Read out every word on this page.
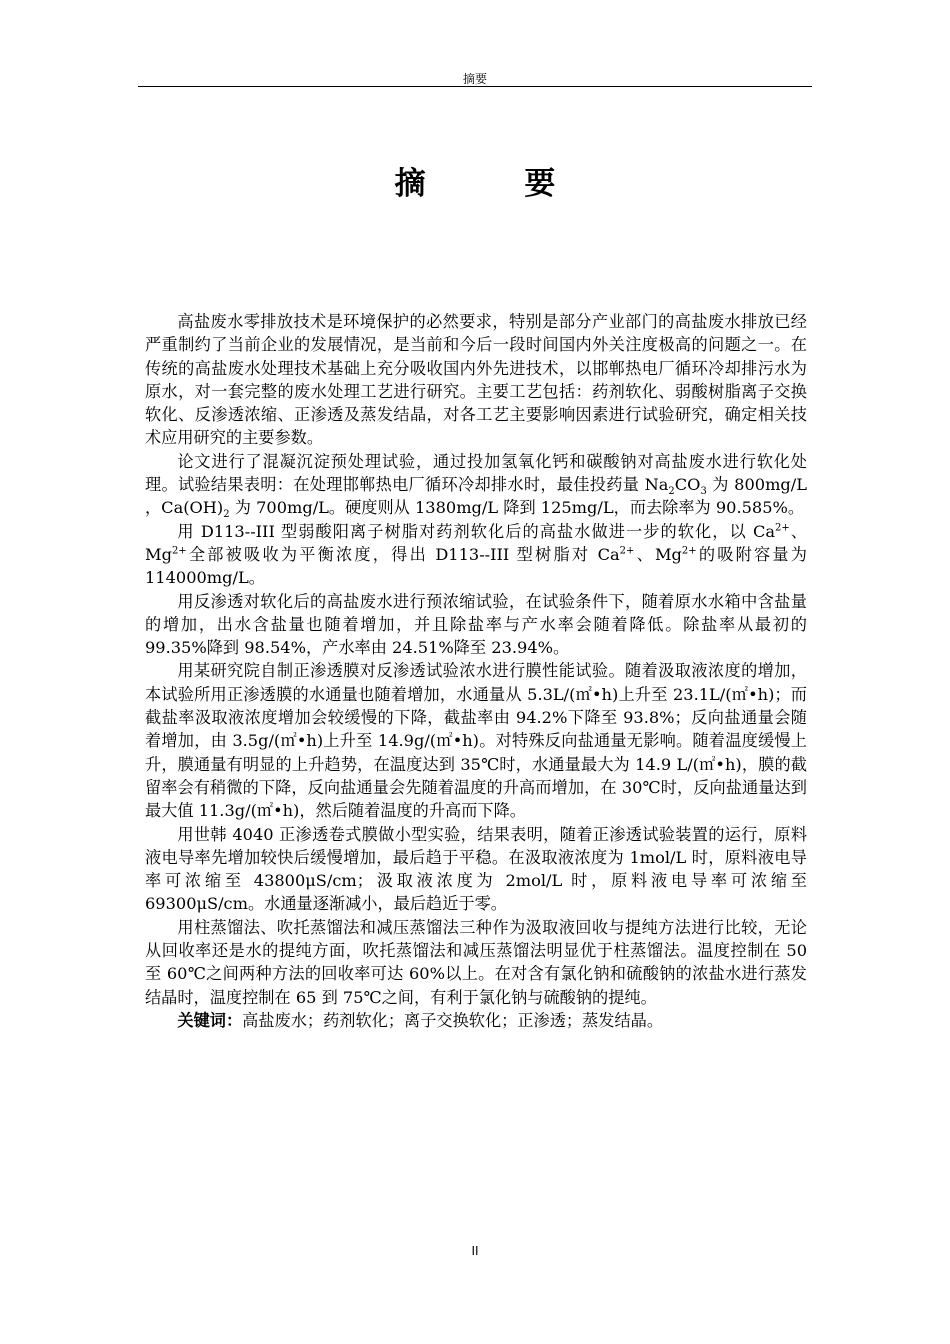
摘要
摘 要

高盐废水零排放技术是环境保护的必然要求，特别是部分产业部门的高盐废水排放已经严重制约了当前企业的发展情况，是当前和今后一段时间国内外关注度极高的问题之一。在传统的高盐废水处理技术基础上充分吸收国内外先进技术，以邯郸热电厂循环冷却排污水为原水，对一套完整的废水处理工艺进行研究。主要工艺包括：药剂软化、弱酸树脂离子交换软化、反渗透浓缩、正渗透及蒸发结晶，对各工艺主要影响因素进行试验研究，确定相关技术应用研究的主要参数。

论文进行了混凝沉淀预处理试验，通过投加氢氧化钙和碳酸钠对高盐废水进行软化处理。试验结果表明：在处理邯郸热电厂循环冷却排水时，最佳投药量 $Na_2CO_3$ 为 800mg/L ，$Ca(OH)_2$ 为 700mg/L。硬度则从 1380mg/L 降到 125mg/L，而去除率为 90.585%。

用 D113--III 型弱酸阳离子树脂对药剂软化后的高盐水做进一步的软化，以 $Ca^{2+}$、$Mg^{2+}$全部被吸收为平衡浓度，得出 D113--III 型树脂对 $Ca^{2+}$、$Mg^{2+}$的吸附容量为 114000mg/L。

用反渗透对软化后的高盐废水进行预浓缩试验，在试验条件下，随着原水水箱中含盐量的增加，出水含盐量也随着增加，并且除盐率与产水率会随着降低。除盐率从最初的 99.35%降到 98.54%，产水率由 24.51%降至 23.94%。

用某研究院自制正渗透膜对反渗透试验浓水进行膜性能试验。随着汲取液浓度的增加，本试验所用正渗透膜的水通量也随着增加，水通量从 5.3L/(㎡•h)上升至 23.1L/(㎡•h)；而截盐率汲取液浓度增加会较缓慢的下降，截盐率由 94.2%下降至 93.8%；反向盐通量会随着增加，由 3.5g/(㎡•h)上升至 14.9g/(㎡•h)。对特殊反向盐通量无影响。随着温度缓慢上升，膜通量有明显的上升趋势，在温度达到 35℃时，水通量最大为 14.9 L/(㎡•h)，膜的截留率会有稍微的下降，反向盐通量会先随着温度的升高而增加，在 30℃时，反向盐通量达到最大值 11.3g/(㎡•h)，然后随着温度的升高而下降。

用世韩 4040 正渗透卷式膜做小型实验，结果表明，随着正渗透试验装置的运行，原料液电导率先增加较快后缓慢增加，最后趋于平稳。在汲取液浓度为 1mol/L 时，原料液电导率可浓缩至 43800μS/cm；汲取液浓度为 2mol/L 时，原料液电导率可浓缩至 69300μS/cm。水通量逐渐减小，最后趋近于零。

用柱蒸馏法、吹托蒸馏法和减压蒸馏法三种作为汲取液回收与提纯方法进行比较，无论从回收率还是水的提纯方面，吹托蒸馏法和减压蒸馏法明显优于柱蒸馏法。温度控制在 50 至 60℃之间两种方法的回收率可达 60%以上。在对含有氯化钠和硫酸钠的浓盐水进行蒸发结晶时，温度控制在 65 到 75℃之间，有利于氯化钠与硫酸钠的提纯。

关键词：高盐废水；药剂软化；离子交换软化；正渗透；蒸发结晶。

II
